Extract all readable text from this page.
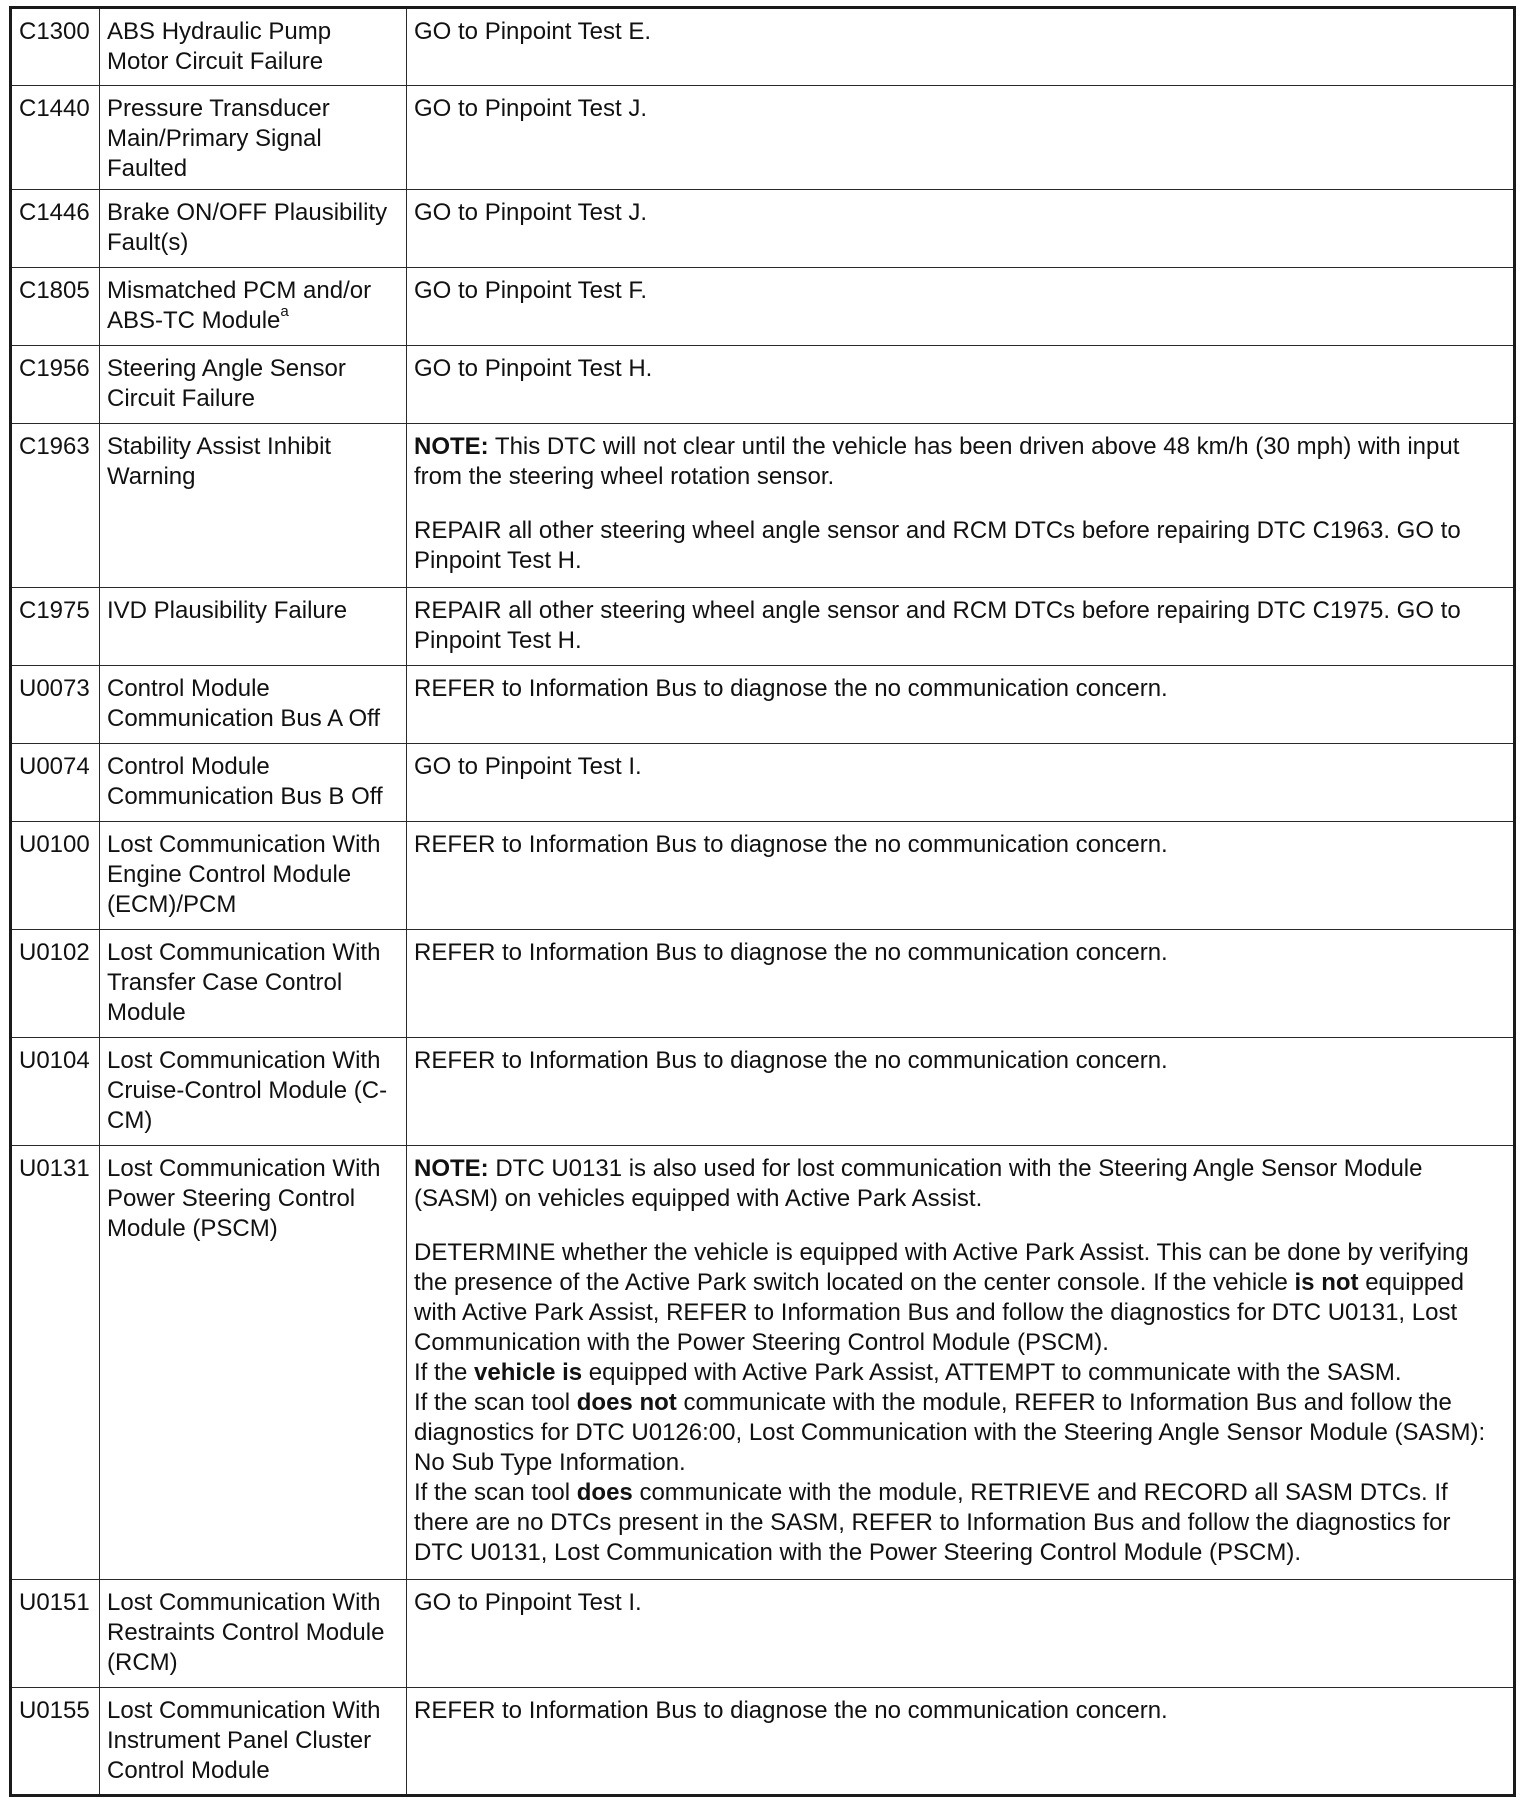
C1300	ABS Hydraulic Pump Motor Circuit Failure	GO to Pinpoint Test E.
C1440	Pressure Transducer Main/Primary Signal Faulted	GO to Pinpoint Test J.
C1446	Brake ON/OFF Plausibility Fault(s)	GO to Pinpoint Test J.
C1805	Mismatched PCM and/or ABS-TC Module$^a$	GO to Pinpoint Test F.
C1956	Steering Angle Sensor Circuit Failure	GO to Pinpoint Test H.
C1963	Stability Assist Inhibit Warning	NOTE: This DTC will not clear until the vehicle has been driven above 48 km/h (30 mph) with input from the steering wheel rotation sensor.

REPAIR all other steering wheel angle sensor and RCM DTCs before repairing DTC C1963. GO to Pinpoint Test H.

C1975	IVD Plausibility Failure	REPAIR all other steering wheel angle sensor and RCM DTCs before repairing DTC C1975. GO to Pinpoint Test H.
U0073	Control Module Communication Bus A Off	REFER to Information Bus to diagnose the no communication concern.
U0074	Control Module Communication Bus B Off	GO to Pinpoint Test I.
U0100	Lost Communication With Engine Control Module (ECM)/PCM	REFER to Information Bus to diagnose the no communication concern.
U0102	Lost Communication With Transfer Case Control Module	REFER to Information Bus to diagnose the no communication concern.
U0104	Lost Communication With Cruise-Control Module (C-CM)	REFER to Information Bus to diagnose the no communication concern.
U0131	Lost Communication With Power Steering Control Module (PSCM)	NOTE: DTC U0131 is also used for lost communication with the Steering Angle Sensor Module (SASM) on vehicles equipped with Active Park Assist.

DETERMINE whether the vehicle is equipped with Active Park Assist. This can be done by verifying the presence of the Active Park switch located on the center console. If the vehicle is not equipped with Active Park Assist, REFER to Information Bus and follow the diagnostics for DTC U0131, Lost Communication with the Power Steering Control Module (PSCM).

If the vehicle is equipped with Active Park Assist, ATTEMPT to communicate with the SASM.

If the scan tool does not communicate with the module, REFER to Information Bus and follow the diagnostics for DTC U0126:00, Lost Communication with the Steering Angle Sensor Module (SASM): No Sub Type Information.

If the scan tool does communicate with the module, RETRIEVE and RECORD all SASM DTCs. If there are no DTCs present in the SASM, REFER to Information Bus and follow the diagnostics for DTC U0131, Lost Communication with the Power Steering Control Module (PSCM).

U0151	Lost Communication With Restraints Control Module (RCM)	GO to Pinpoint Test I.
U0155	Lost Communication With Instrument Panel Cluster Control Module	REFER to Information Bus to diagnose the no communication concern.
